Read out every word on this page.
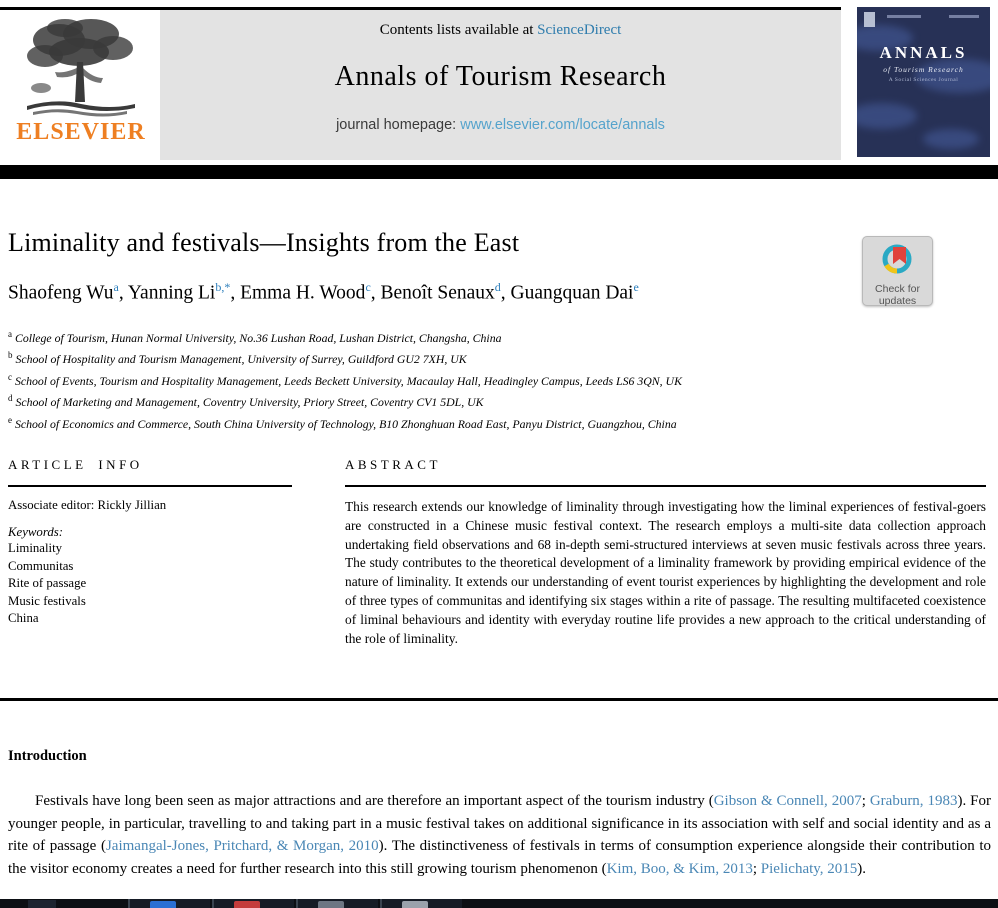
ELSEVIER
Contents lists available at ScienceDirect
Annals of Tourism Research
journal homepage: www.elsevier.com/locate/annals
ANNALS
of Tourism Research
A Social Sciences Journal
Liminality and festivals—Insights from the East
Shaofeng Wu$^a$, Yanning $Li^{b,*}$, Emma H. Wood$^c$, Benoît Senaux$^d$, Guangquan Dai$^e$
$^a$ College of Tourism, Hunan Normal University, No.36 Lushan Road, Lushan District, Changsha, China
$^b$ School of Hospitality and Tourism Management, University of Surrey, Guildford GU2 7XH, UK
$^c$ School of Events, Tourism and Hospitality Management, Leeds Beckett University, Macaulay Hall, Headingley Campus, Leeds LS6 3QN, UK
$^d$ School of Marketing and Management, Coventry University, Priory Street, Coventry CV1 5DL, UK
$^e$ School of Economics and Commerce, South China University of Technology, B10 Zhonghuan Road East, Panyu District, Guangzhou, China
Check for
updates
ARTICLE INFO
Associate editor: Rickly Jillian
Keywords:
Liminality
Communitas
Rite of passage
Music festivals
China
ABSTRACT
This research extends our knowledge of liminality through investigating how the liminal experiences of festival-goers are constructed in a Chinese music festival context. The research employs a multi-site data collection approach undertaking field observations and 68 in-depth semi-structured interviews at seven music festivals across three years. The study contributes to the theoretical development of a liminality framework by providing empirical evidence of the nature of liminality. It extends our understanding of event tourist experiences by highlighting the development and role of three types of communitas and identifying six stages within a rite of passage. The resulting multifaceted coexistence of liminal behaviours and identity with everyday routine life provides a new approach to the critical understanding of the role of liminality.
Introduction
Festivals have long been seen as major attractions and are therefore an important aspect of the tourism industry (Gibson & Connell, 2007; Graburn, 1983). For younger people, in particular, travelling to and taking part in a music festival takes on additional significance in its association with self and social identity and as a rite of passage (Jaimangal-Jones, Pritchard, & Morgan, 2010). The distinctiveness of festivals in terms of consumption experience alongside their contribution to the visitor economy creates a need for further research into this still growing tourism phenomenon (Kim, Boo, & Kim, 2013; Pielichaty, 2015).
